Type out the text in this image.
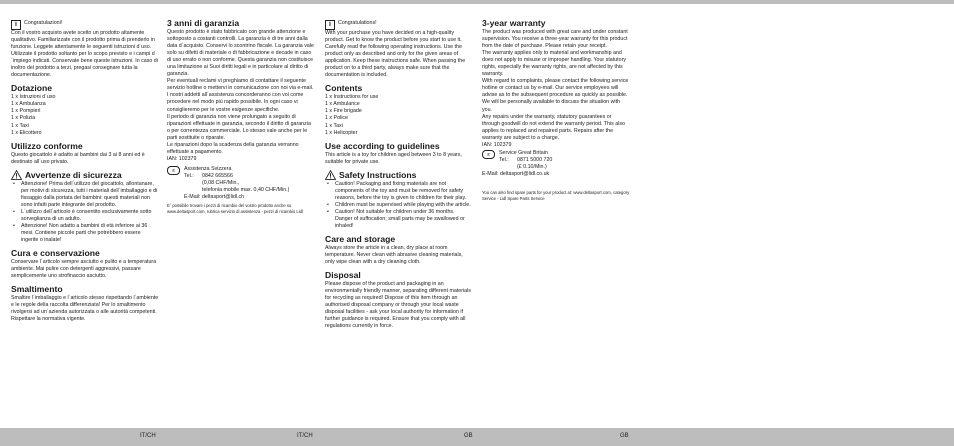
i	Congratulazioni!

Con il vostro acquisto avete scelto un prodotto altamente qualitativo. Familiarizzate con il prodotto prima di prenderlo in funzione. Leggete attentamente le seguenti istruzioni d´uso. Utilizzate il prodotto soltanto per lo scopo previsto e i campi d´impiego indicati. Conservate bene queste istruzioni. In caso di inoltro del prodotto a terzi, pregasi consegnare tutta la documentazione.

Dotazione
1 x Istruzioni d´uso
1 x Ambulanza
1 x Pompieri
1 x Polizia
1 x Taxi
1 x Elicottero
Utilizzo conforme

Questo giocattolo è adatto ai bambini dai 3 ai 8 anni ed è destinato all´uso privato.

Avvertenze di sicurezza
• Attenzione! Prima dell´utilizzo del giocattolo, allontanare, per motivi di sicurezza, tutti i materiali dell´imballaggio e di fissaggio dalla portata dei bambini: questi materiali non sono infatti parte integrante del prodotto.
• L´utilizzo dell´articolo è consentito esclusivamente sotto sorveglianza di un adulto.
• Attenzione! Non adatto a bambini di età inferiore ai 36 mesi. Contiene piccole parti che potrebbero essere ingerite o inalate!
Cura e conservazione

Conservare l´articolo sempre asciutto e pulito e a temperatura ambiente. Mai pulire con detergenti aggressivi, passare semplicemente uno strofinaccio asciutto.

Smaltimento

Smaltire l´imballaggio e l´articolo stesso rispettando l´ambiente e le regole della raccolta differenziata! Per lo smaltimento rivolgersi ad un´azienda autorizzata o alle autorità competenti. Rispettare la normativa vigente.

3 anni di garanzia

Questo prodotto è stato fabbricato con grande attenzione e sottoposto a costanti controlli. La garanzia è di tre anni dalla data d´acquisto. Conservi lo scontrino fiscale. La garanzia vale solo su difetti di materiale o di fabbricazione e decade in caso di uso errato o non conforme. Questa garanzia non costituisce una limitazione ai Suoi diritti legali e in particolare al diritto di garanzia.

Per eventuali reclami vi preghiamo di contattare il seguente servizio hotline o mettervi in comunicazione con noi via e-mail. I nostri addetti all´assistenza concorderanno con voi come procedere nel modo più rapido possibile. In ogni caso vi consiglieremo per le vostre esigenze specifiche.

Il periodo di garanzia non viene prolungato a seguito di riparazioni effettuate in garanzia, secondo il diritto di garanzia o per correntezza commerciale. Lo stesso vale anche per le parti sostituite o riparate.

Le riparazioni dopo la scadenza della garanzia verranno effettuate a pagamento.

IAN: 102379

✆	Assistenza Svizzera
Tel.:	0842 665566
(0,08 CHF/Min.,
telefonia mobile max. 0,40 CHF/Min.)
E-Mail: deltasport@lidl.ch

E´ possibile trovare i pezzi di ricambio del vostro prodotto anche su www.deltasport.com, rubrica servizio di assistenza - pezzi di ricambio Lidl

i	Congratulations!

With your purchase you have decided on a high-quality product. Get to know the product before you start to use it. Carefully read the following operating instructions. Use the product only as described and only for the given areas of application. Keep these instructions safe. When passing the product on to a third party, always make sure that the documentation is included.

Contents
1 x Instructions for use
1 x Ambulance
1 x Fire brigade
1 x Police
1 x Taxi
1 x Helicopter
Use according to guidelines

This article is a toy for children aged between 3 to 8 years, suitable for private use.

Safety Instructions
• Caution! Packaging and fixing materials are not components of the toy and must be removed for safety reasons, before the toy is given to children for their play.
• Children must be supervised while playing with the article.
• Caution! Not suitable for children under 36 months. Danger of suffocation; small parts may be swallowed or inhaled!
Care and storage

Always store the article in a clean, dry place at room temperature. Never clean with abrasive cleaning materials, only wipe clean with a dry cleaning cloth.

Disposal

Please dispose of the product and packaging in an environmentally friendly manner, separating different materials for recycling as required! Dispose of this item through an authorised disposal company or through your local waste disposal facilities - ask your local authority for information if further guidance is required. Ensure that you comply with all regulations currently in force.

3-year warranty

The product was produced with great care and under constant supervision. You receive a three-year warranty for this product from the date of purchase. Please retain your receipt.

The warranty applies only to material and workmanship and does not apply to misuse or improper handling. Your statutory rights, especially the warranty rights, are not affected by this warranty.

With regard to complaints, please contact the following service hotline or contact us by e-mail. Our service employees will advise as to the subsequent procedure as quickly as possible. We will be personally available to discuss the situation with you.

Any repairs under the warranty, statutory guarantees or through goodwill do not extend the warranty period. This also applies to replaced and repaired parts. Repairs after the warranty are subject to a charge.

IAN: 102379

✆	Service Great Britain
Tel.:	0871 5000 720
(£ 0.10/Min.)
E-Mail: deltasport@lidl.co.uk

You can also find spare parts for your product at: www.deltasport.com, category Service - Lidl Spare Parts Service

IT/CH	IT/CH	GB	GB
